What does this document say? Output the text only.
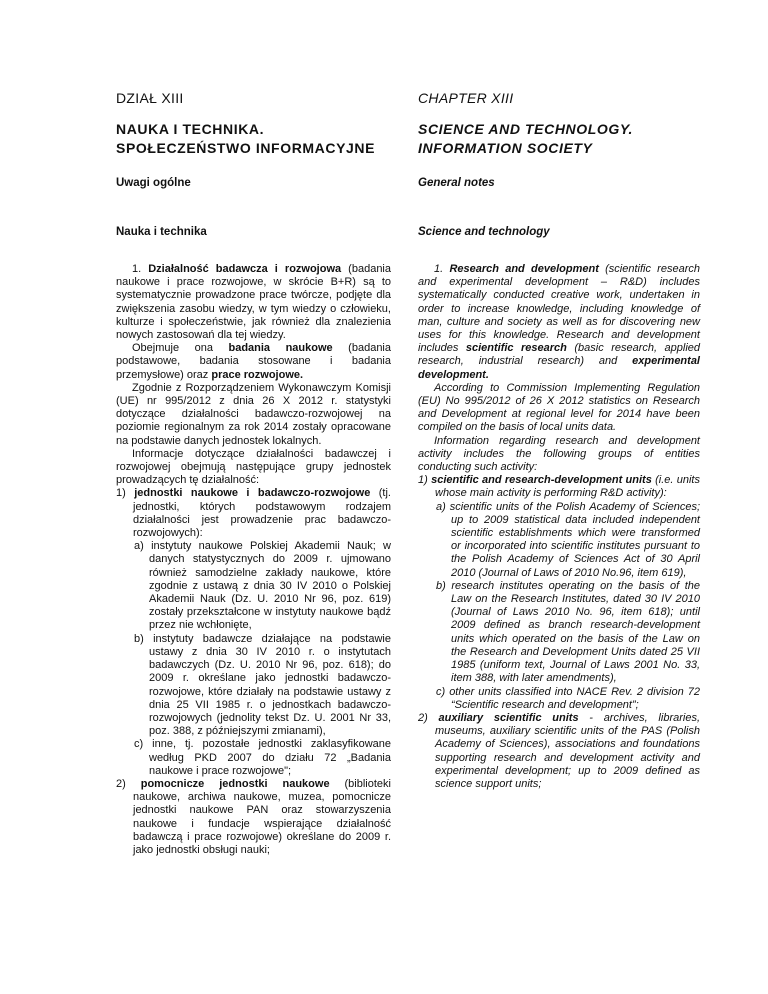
DZIAŁ XIII
NAUKA I TECHNIKA.
SPOŁECZEŃSTWO INFORMACYJNE
Uwagi ogólne
Nauka i technika

1. Działalność badawcza i rozwojowa (badania naukowe i prace rozwojowe, w skrócie B+R) są to systematycznie prowadzone prace twórcze, podjęte dla zwiększenia zasobu wiedzy, w tym wiedzy o człowieku, kulturze i społeczeństwie, jak również dla znalezienia nowych zastosowań dla tej wiedzy.

Obejmuje ona badania naukowe (badania podstawowe, badania stosowane i badania przemysłowe) oraz prace rozwojowe.

Zgodnie z Rozporządzeniem Wykonawczym Komisji (UE) nr 995/2012 z dnia 26 X 2012 r. statystyki dotyczące działalności badawczo-rozwojowej na poziomie regionalnym za rok 2014 zostały opracowane na podstawie danych jednostek lokalnych.

Informacje dotyczące działalności badawczej i rozwojowej obejmują następujące grupy jednostek prowadzących tę działalność:

1) jednostki naukowe i badawczo-rozwojowe (tj. jednostki, których podstawowym rodzajem działalności jest prowadzenie prac badawczo-rozwojowych):

a) instytuty naukowe Polskiej Akademii Nauk; w danych statystycznych do 2009 r. ujmowano również samodzielne zakłady naukowe, które zgodnie z ustawą z dnia 30 IV 2010 o Polskiej Akademii Nauk (Dz. U. 2010 Nr 96, poz. 619) zostały przekształcone w instytuty naukowe bądź przez nie wchłonięte,

b) instytuty badawcze działające na podstawie ustawy z dnia 30 IV 2010 r. o instytutach badawczych (Dz. U. 2010 Nr 96, poz. 618); do 2009 r. określane jako jednostki badawczo-rozwojowe, które działały na podstawie ustawy z dnia 25 VII 1985 r. o jednostkach badawczo-rozwojowych (jednolity tekst Dz. U. 2001 Nr 33, poz. 388, z późniejszymi zmianami),

c) inne, tj. pozostałe jednostki zaklasyfikowane według PKD 2007 do działu 72 „Badania naukowe i prace rozwojowe";

2) pomocnicze jednostki naukowe (biblioteki naukowe, archiwa naukowe, muzea, pomocnicze jednostki naukowe PAN oraz stowarzyszenia naukowe i fundacje wspierające działalność badawczą i prace rozwojowe) określane do 2009 r. jako jednostki obsługi nauki;

CHAPTER XIII
SCIENCE AND TECHNOLOGY.
INFORMATION SOCIETY
General notes
Science and technology

1. Research and development (scientific research and experimental development – R&D) includes systematically conducted creative work, undertaken in order to increase knowledge, including knowledge of man, culture and society as well as for discovering new uses for this knowledge. Research and development includes scientific research (basic research, applied research, industrial research) and experimental development.

According to Commission Implementing Regulation (EU) No 995/2012 of 26 X 2012 statistics on Research and Development at regional level for 2014 have been compiled on the basis of local units data.

Information regarding research and development activity includes the following groups of entities conducting such activity:

1) scientific and research-development units (i.e. units whose main activity is performing R&D activity):

a) scientific units of the Polish Academy of Sciences; up to 2009 statistical data included independent scientific establishments which were transformed or incorporated into scientific institutes pursuant to the Polish Academy of Sciences Act of 30 April 2010 (Journal of Laws of 2010 No.96, item 619),

b) research institutes operating on the basis of the Law on the Research Institutes, dated 30 IV 2010 (Journal of Laws 2010 No. 96, item 618); until 2009 defined as branch research-development units which operated on the basis of the Law on the Research and Development Units dated 25 VII 1985 (uniform text, Journal of Laws 2001 No. 33, item 388, with later amendments),

c) other units classified into NACE Rev. 2 division 72 “Scientific research and development”;

2) auxiliary scientific units - archives, libraries, museums, auxiliary scientific units of the PAS (Polish Academy of Sciences), associations and foundations supporting research and development activity and experimental development; up to 2009 defined as science support units;
